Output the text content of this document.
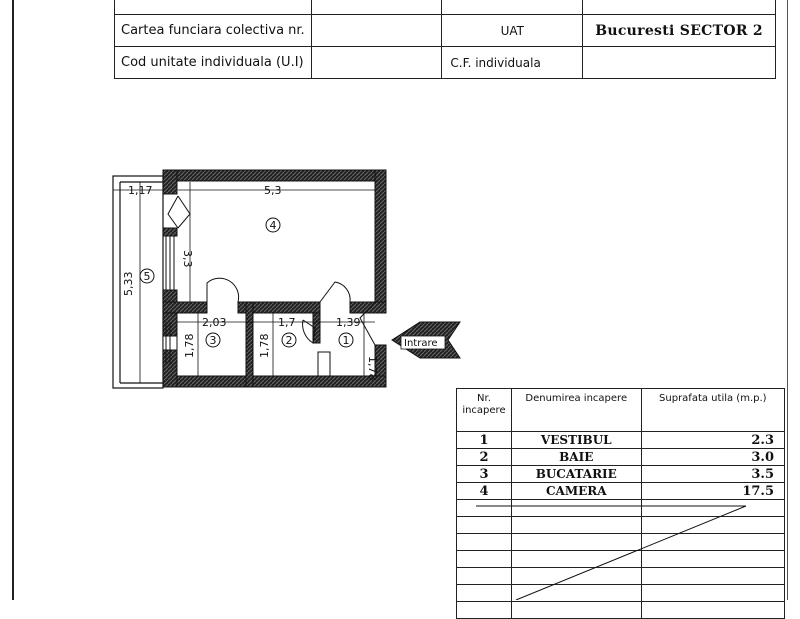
Cartea funciara colectiva nr.		UAT	Bucuresti SECTOR 2
Cod unitate individuala (U.I)		C.F. individuala	
1,17	5,3
3,3
5,33
2,03	1,7	1,39
1,78	1,78
1,78
1
2
3
4
5
Intrare
Nr. incapere	Denumirea incapere	Suprafata utila (m.p.)
1	VESTIBUL	2.3
2	BAIE	3.0
3	BUCATARIE	3.5
4	CAMERA	17.5
